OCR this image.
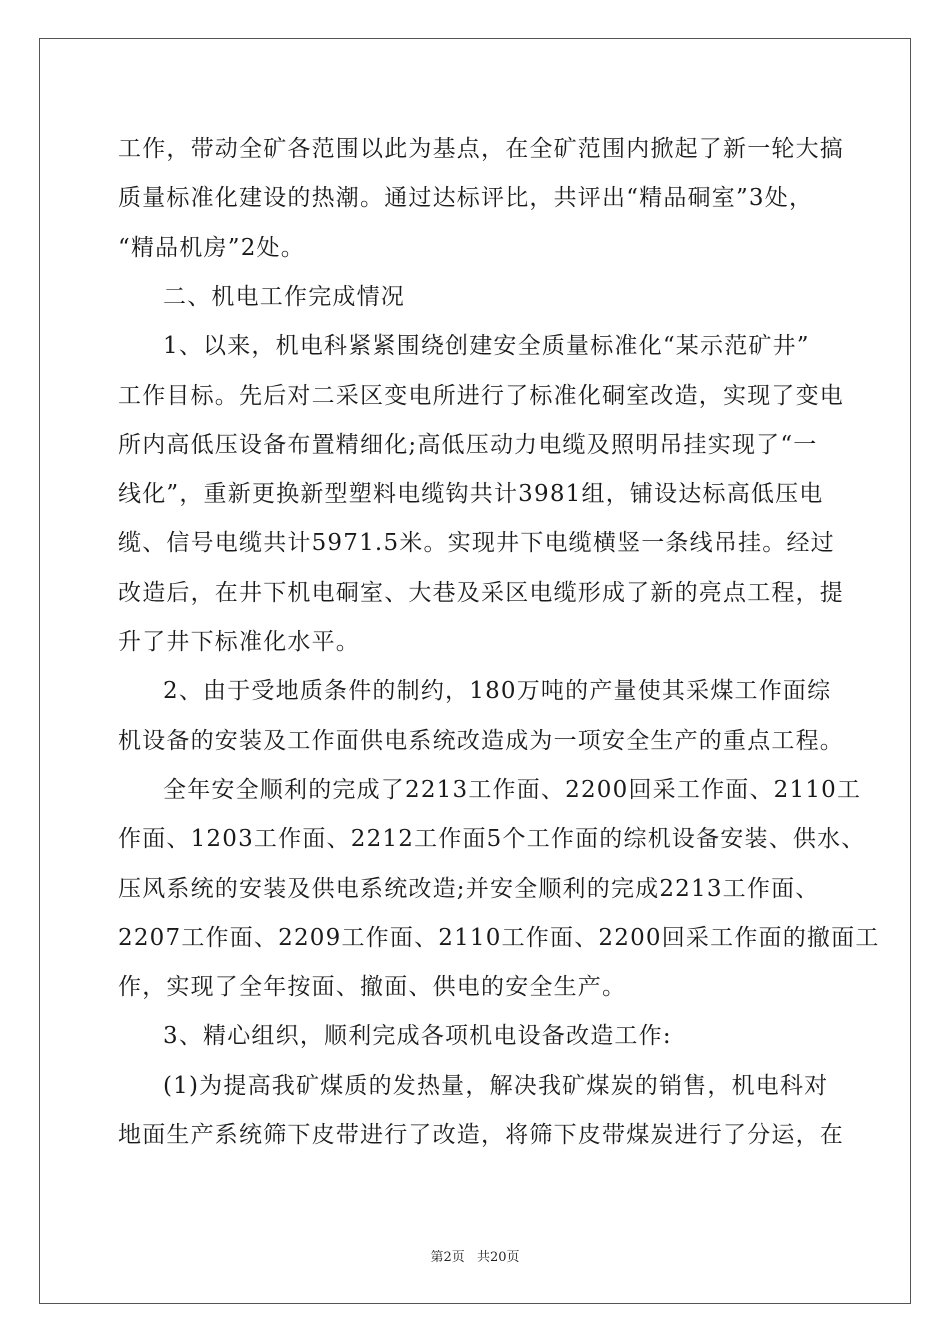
工作，带动全矿各范围以此为基点，在全矿范围内掀起了新一轮大搞
质量标准化建设的热潮。通过达标评比，共评出“精品硐室”3处，
“精品机房”2处。
二、机电工作完成情况
1、以来，机电科紧紧围绕创建安全质量标准化“某示范矿井”
工作目标。先后对二采区变电所进行了标准化硐室改造，实现了变电
所内高低压设备布置精细化;高低压动力电缆及照明吊挂实现了“一
线化”，重新更换新型塑料电缆钩共计3981组，铺设达标高低压电
缆、信号电缆共计5971.5米。实现井下电缆横竖一条线吊挂。经过
改造后，在井下机电硐室、大巷及采区电缆形成了新的亮点工程，提
升了井下标准化水平。
2、由于受地质条件的制约，180万吨的产量使其采煤工作面综
机设备的安装及工作面供电系统改造成为一项安全生产的重点工程。
全年安全顺利的完成了2213工作面、2200回采工作面、2110工
作面、1203工作面、2212工作面5个工作面的综机设备安装、供水、
压风系统的安装及供电系统改造;并安全顺利的完成2213工作面、
2207工作面、2209工作面、2110工作面、2200回采工作面的撤面工
作，实现了全年按面、撤面、供电的安全生产。
3、精心组织，顺利完成各项机电设备改造工作:
(1)为提高我矿煤质的发热量，解决我矿煤炭的销售，机电科对
地面生产系统筛下皮带进行了改造，将筛下皮带煤炭进行了分运，在
第2页 共20页
